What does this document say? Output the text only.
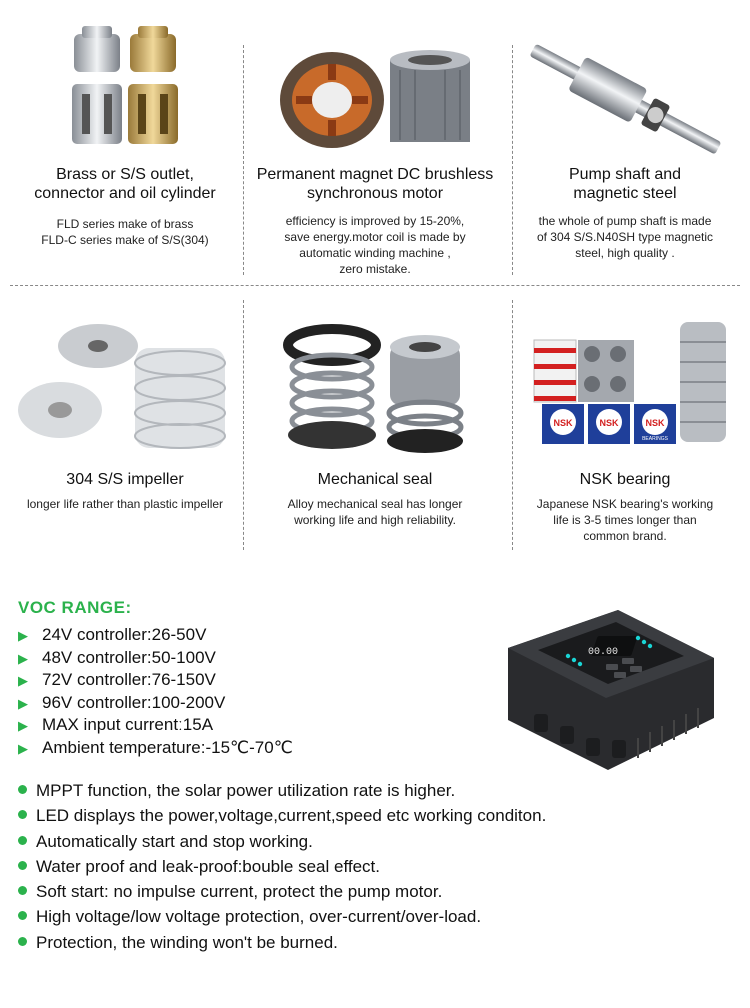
Brass or S/S outlet,
connector and oil cylinder
FLD series make of brass
FLD-C series make of S/S(304)
Permanent magnet DC brushless
synchronous motor
efficiency is improved by 15-20%,
save energy.motor coil is made by
automatic winding machine ,
zero mistake.
Pump shaft and
magnetic steel
the whole of pump shaft is made
of 304 S/S.N40SH type magnetic
steel, high quality .
304 S/S impeller
longer life rather than plastic impeller
Mechanical seal
Alloy mechanical seal has longer
working life and high reliability.
NSK	NSK	NSK
BEARINGS
NSK bearing
Japanese NSK bearing's working
life is 3-5 times longer than
common brand.
VOC RANGE:
▶ 24V controller:26-50V
▶ 48V controller:50-100V
▶ 72V controller:76-150V
▶ 96V controller:100-200V
▶ MAX input currentː15A
▶ Ambient temperature:-15℃-70℃
00.00
MPPT function, the solar power utilization rate is higher.
LED displays the power,voltage,current,speed etc working conditon.
Automatically start and stop working.
Water proof and leak-proof:bouble seal effect.
Soft start: no impulse current, protect the pump motor.
High voltage/low voltage protection, over-current/over-load.
Protection, the winding won't be burned.
